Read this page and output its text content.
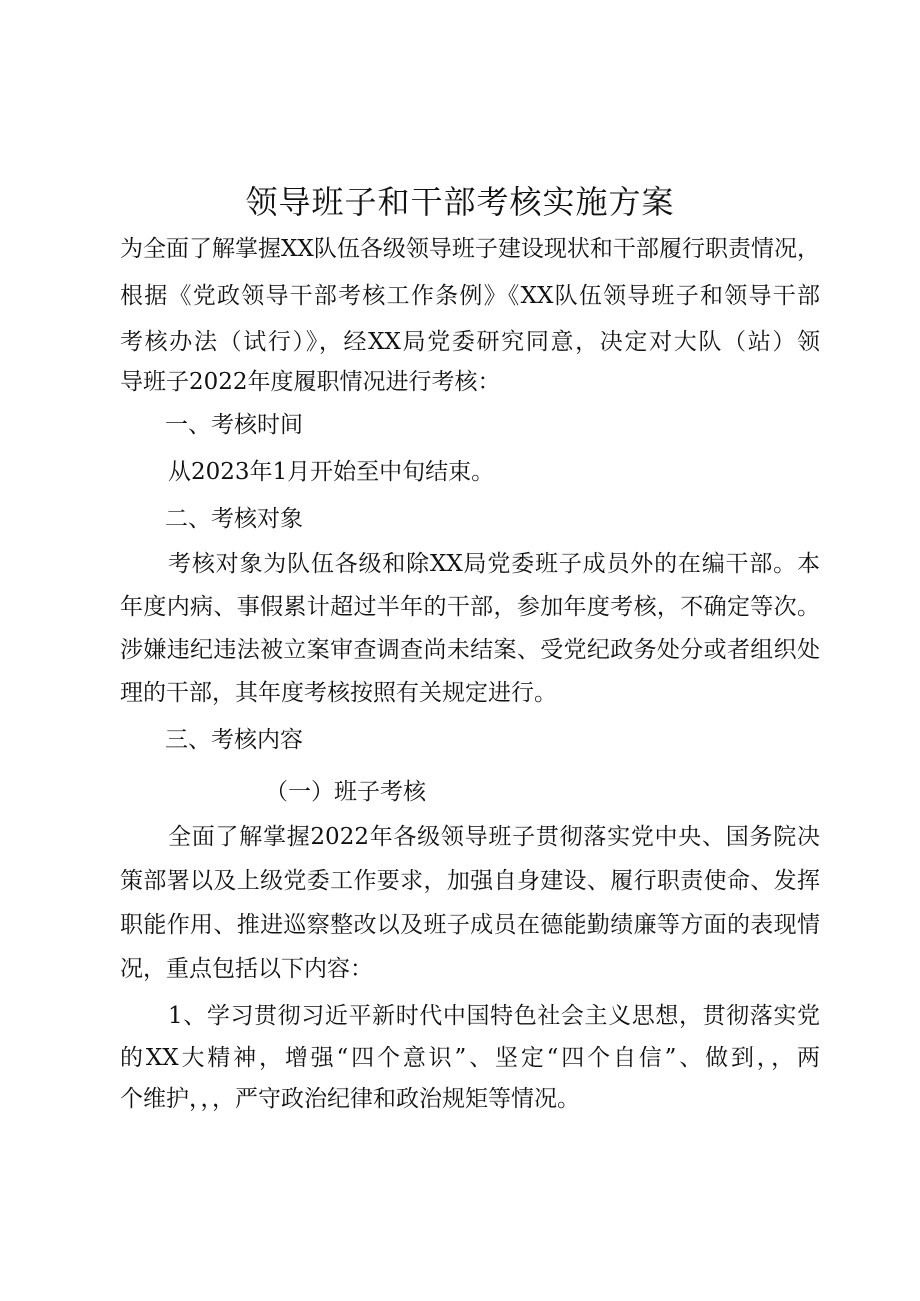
领导班子和干部考核实施方案

为全面了解掌握XX队伍各级领导班子建设现状和干部履行职责情况，

根据《党政领导干部考核工作条例》《XX队伍领导班子和领导干部

考核办法（试行）》，经XX局党委研究同意，决定对大队（站）领

导班子2022年度履职情况进行考核：

一、考核时间

从2023年1月开始至中旬结束。

二、考核对象

考核对象为队伍各级和除XX局党委班子成员外的在编干部。本

年度内病、事假累计超过半年的干部，参加年度考核，不确定等次。

涉嫌违纪违法被立案审查调查尚未结案、受党纪政务处分或者组织处

理的干部，其年度考核按照有关规定进行。

三、考核内容

（一）班子考核

全面了解掌握2022年各级领导班子贯彻落实党中央、国务院决

策部署以及上级党委工作要求，加强自身建设、履行职责使命、发挥

职能作用、推进巡察整改以及班子成员在德能勤绩廉等方面的表现情

况，重点包括以下内容：

1、学习贯彻习近平新时代中国特色社会主义思想，贯彻落实党

的XX大精神，增强“四个意识”、坚定“四个自信”、做到，，两

个维护，，，严守政治纪律和政治规矩等情况。
